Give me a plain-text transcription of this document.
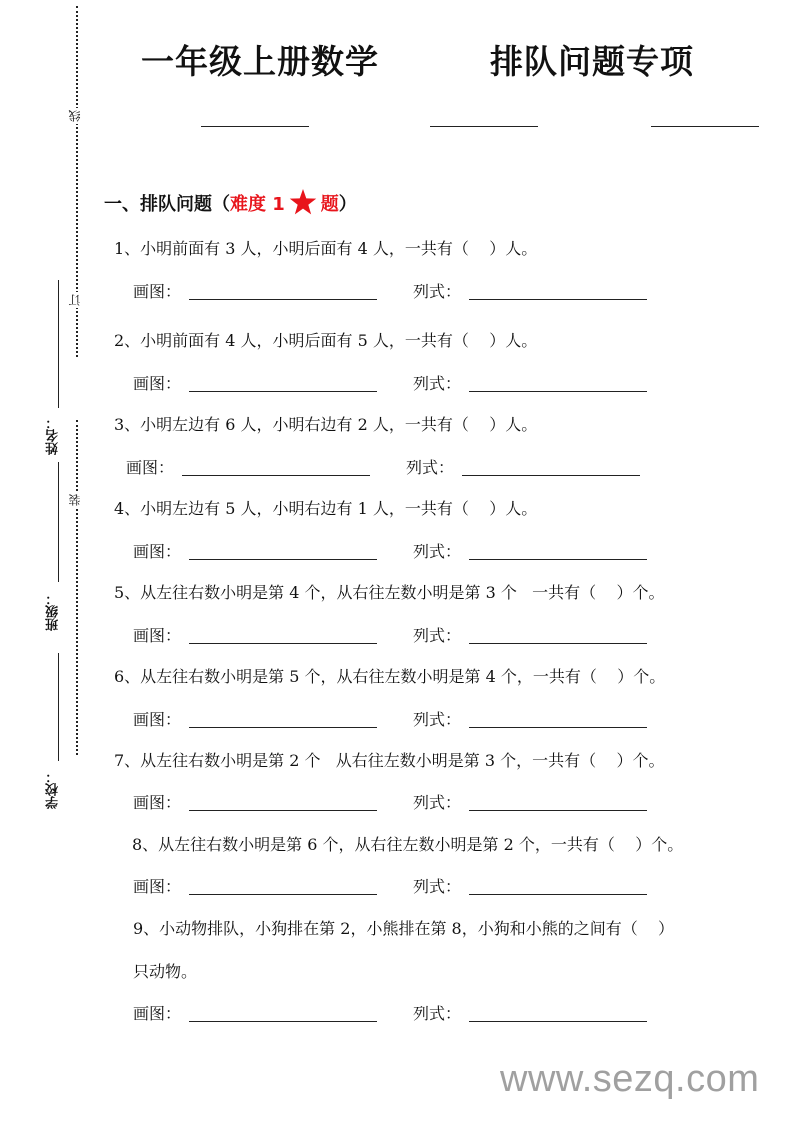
线
订
装
姓名：
班级：
学校：
一年级上册数学	排队问题专项
一、排队问题（难度 1 题）
1、小明前面有 3 人，小明后面有 4 人，一共有（    ）人。

画图：

	列式：

2、小明前面有 4 人，小明后面有 5 人，一共有（    ）人。

画图：

	列式：

3、小明左边有 6 人，小明右边有 2 人，一共有（    ）人。

画图：

	列式：

4、小明左边有 5 人，小明右边有 1 人，一共有（    ）人。

画图：

	列式：

5、从左往右数小明是第 4 个，从右往左数小明是第 3 个   一共有（    ）个。

画图：

	列式：

6、从左往右数小明是第 5 个，从右往左数小明是第 4 个，一共有（    ）个。

画图：

	列式：

7、从左往右数小明是第 2 个   从右往左数小明是第 3 个，一共有（    ）个。

画图：

	列式：

8、从左往右数小明是第 6 个，从右往左数小明是第 2 个，一共有（    ）个。

画图：

	列式：

9、小动物排队，小狗排在第 2，小熊排在第 8，小狗和小熊的之间有（    ）
只动物。

画图：

	列式：

www.sezq.com
